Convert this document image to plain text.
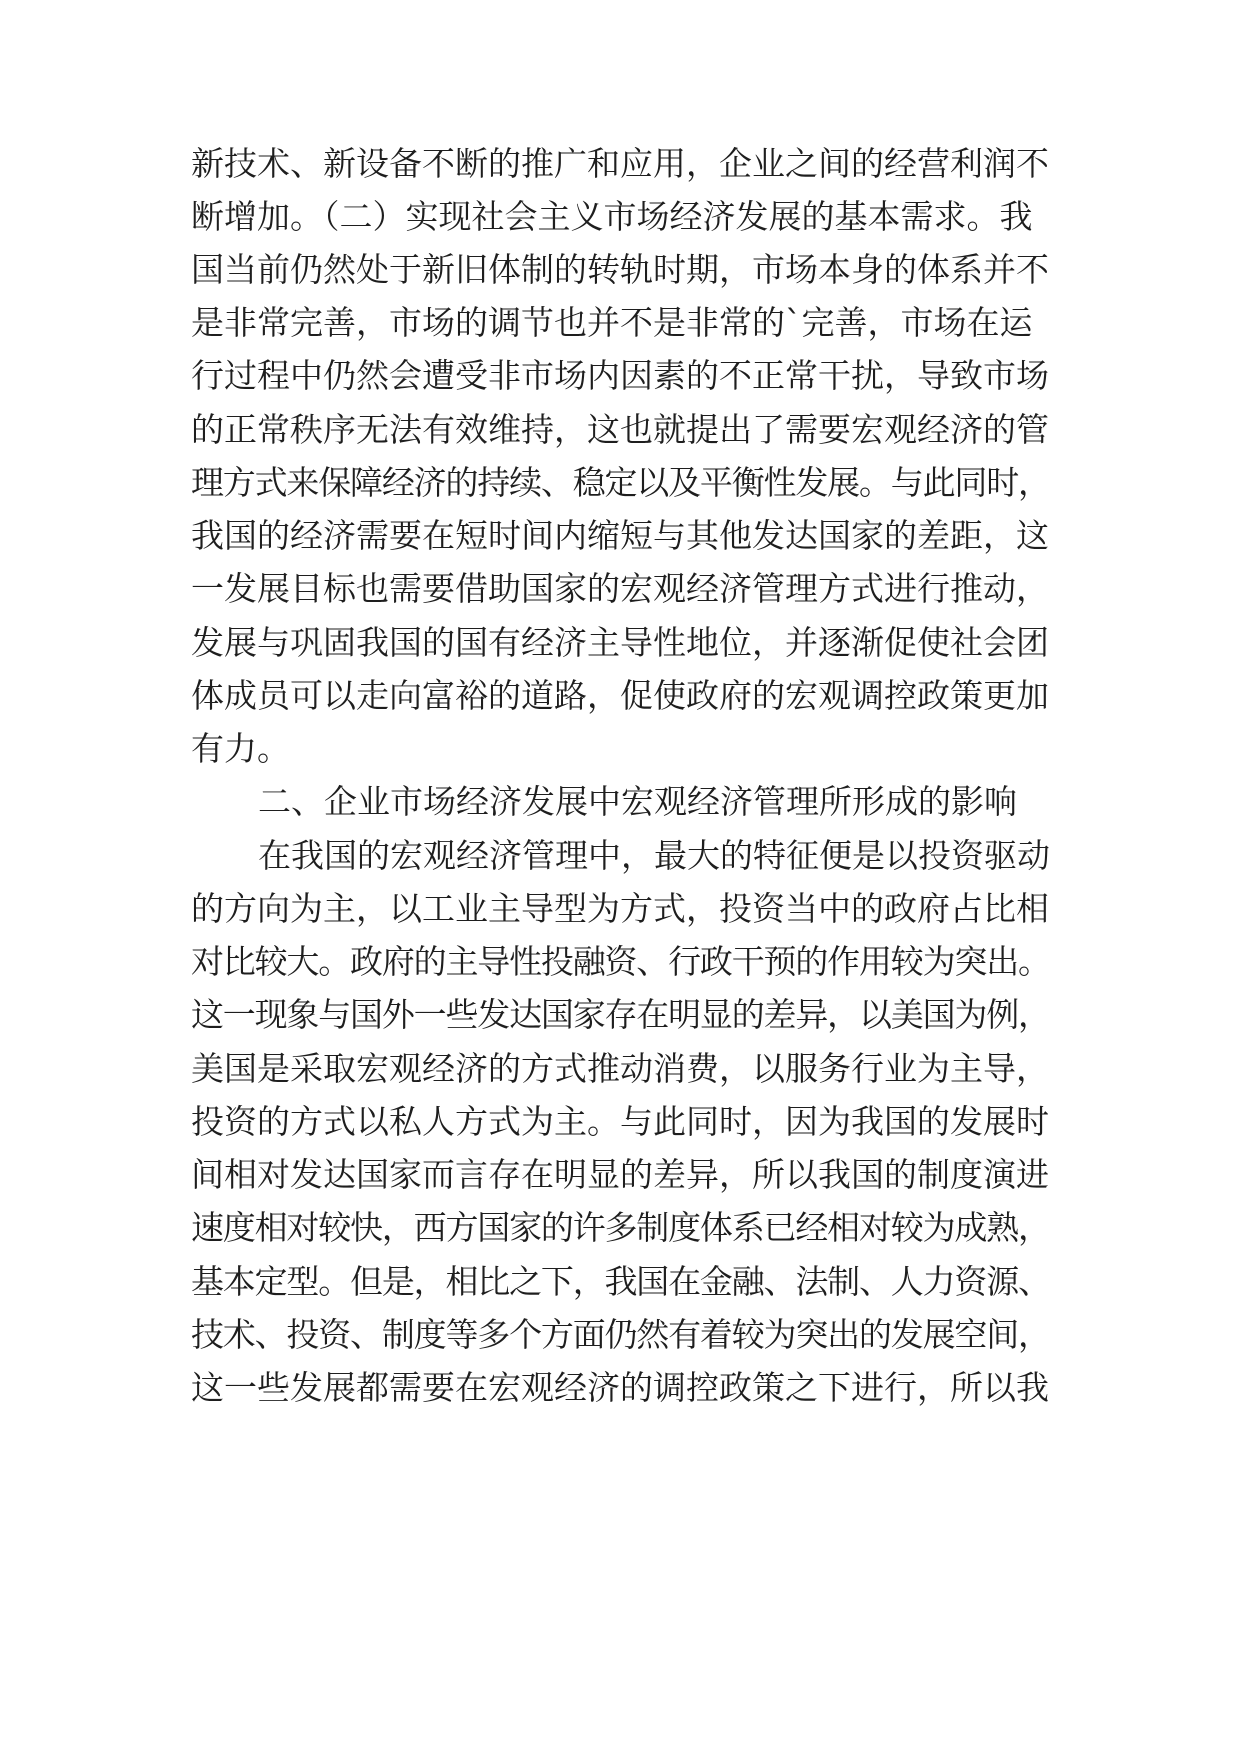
新技术、新设备不断的推广和应用，企业之间的经营利润不
断增加。（二）实现社会主义市场经济发展的基本需求。我
国当前仍然处于新旧体制的转轨时期，市场本身的体系并不
是非常完善，市场的调节也并不是非常的`完善，市场在运
行过程中仍然会遭受非市场内因素的不正常干扰，导致市场
的正常秩序无法有效维持，这也就提出了需要宏观经济的管
理方式来保障经济的持续、稳定以及平衡性发展。与此同时，
我国的经济需要在短时间内缩短与其他发达国家的差距，这
一发展目标也需要借助国家的宏观经济管理方式进行推动，
发展与巩固我国的国有经济主导性地位，并逐渐促使社会团
体成员可以走向富裕的道路，促使政府的宏观调控政策更加
有力。
二、企业市场经济发展中宏观经济管理所形成的影响
在我国的宏观经济管理中，最大的特征便是以投资驱动
的方向为主，以工业主导型为方式，投资当中的政府占比相
对比较大。政府的主导性投融资、行政干预的作用较为突出。
这一现象与国外一些发达国家存在明显的差异，以美国为例，
美国是采取宏观经济的方式推动消费，以服务行业为主导，
投资的方式以私人方式为主。与此同时，因为我国的发展时
间相对发达国家而言存在明显的差异，所以我国的制度演进
速度相对较快，西方国家的许多制度体系已经相对较为成熟，
基本定型。但是，相比之下，我国在金融、法制、人力资源、
技术、投资、制度等多个方面仍然有着较为突出的发展空间，
这一些发展都需要在宏观经济的调控政策之下进行，所以我
